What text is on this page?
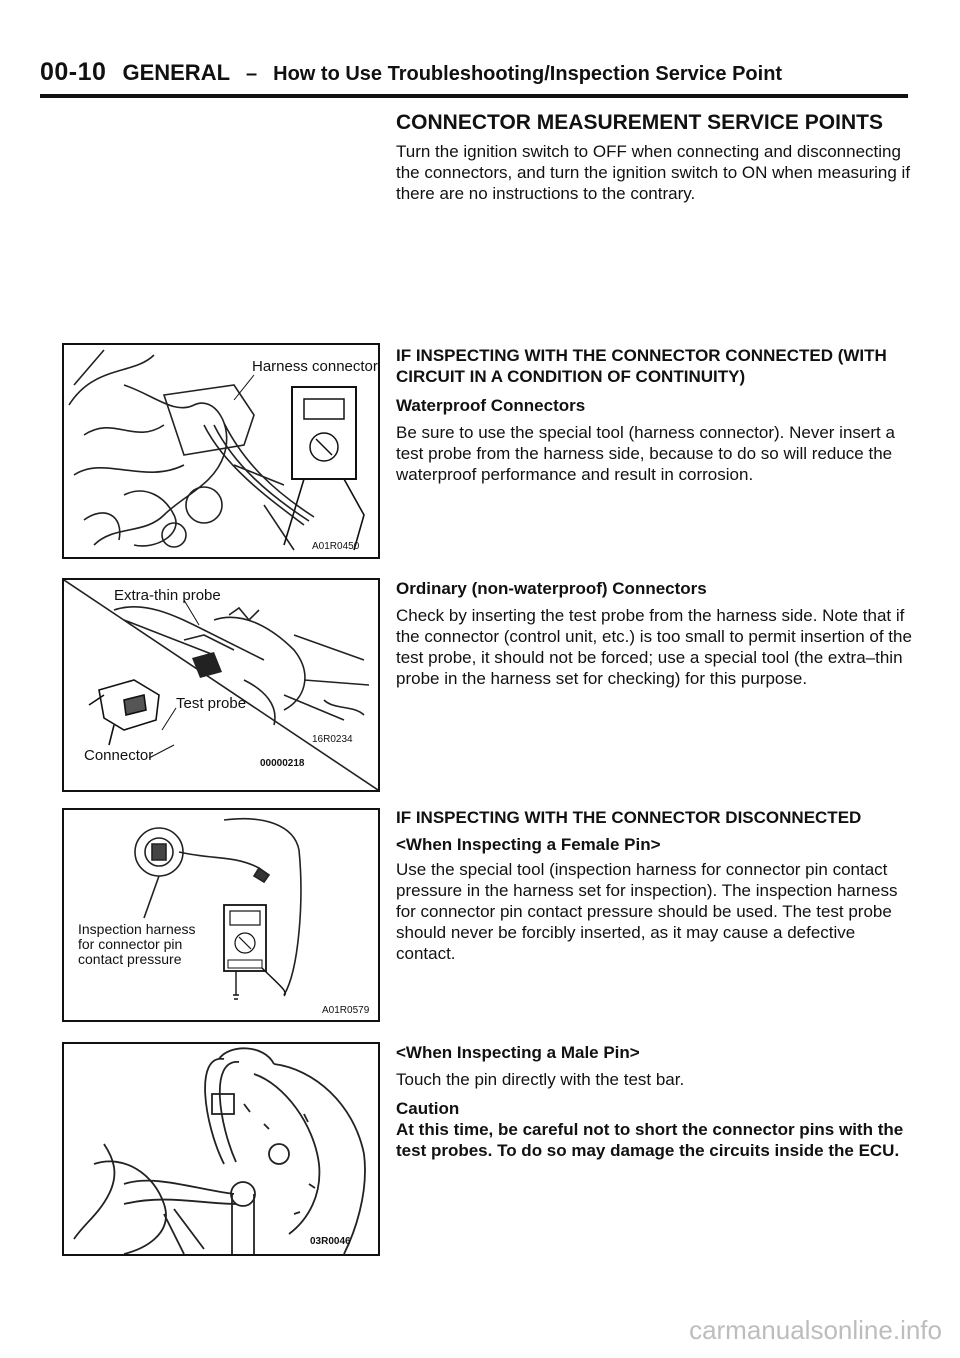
00-10 GENERAL – How to Use Troubleshooting/Inspection Service Point
CONNECTOR MEASUREMENT SERVICE POINTS

Turn the ignition switch to OFF when connecting and disconnecting the connectors, and turn the ignition switch to ON when measuring if there are no instructions to the contrary.

IF INSPECTING WITH THE CONNECTOR CONNECTED (WITH CIRCUIT IN A CONDITION OF CONTINUITY)
Waterproof Connectors

Be sure to use the special tool (harness connector). Never insert a test probe from the harness side, because to do so will reduce the waterproof performance and result in corrosion.

Ordinary (non-waterproof) Connectors

Check by inserting the test probe from the harness side. Note that if the connector (control unit, etc.) is too small to permit insertion of the test probe, it should not be forced; use a special tool (the extra–thin probe in the harness set for checking) for this purpose.

IF INSPECTING WITH THE CONNECTOR DISCONNECTED
<When Inspecting a Female Pin>

Use the special tool (inspection harness for connector pin contact pressure in the harness set for inspection). The inspection harness for connector pin contact pressure should be used. The test probe should never be forcibly inserted, as it may cause a defective contact.

<When Inspecting a Male Pin>

Touch the pin directly with the test bar.

Caution

At this time, be careful not to short the connector pins with the test probes. To do so may damage the circuits inside the ECU.

Harness connector
A01R0450
Extra-thin probe
Test probe
Connector
16R0234
00000218
Inspection harness
for connector pin
contact pressure
A01R0579
03R0046
carmanualsonline.info
